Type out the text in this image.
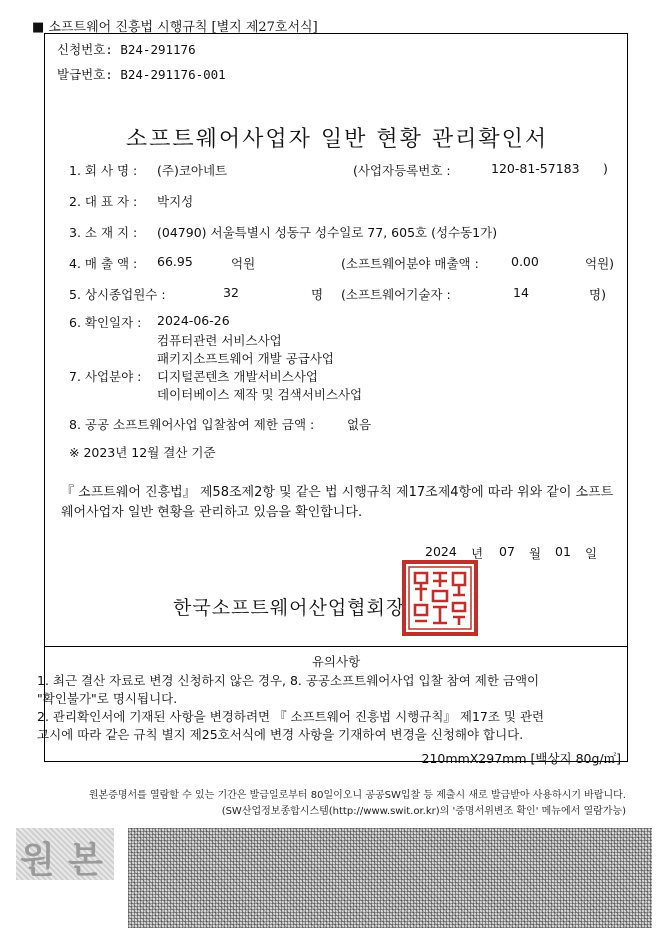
■ 소프트웨어 진흥법 시행규칙 [별지 제27호서식]
신청번호: B24-291176
발급번호: B24-291176-001
소프트웨어사업자 일반 현황 관리확인서
1. 회 사 명 : (주)코아네트	(사업자등록번호 :	120-81-57183 )
2. 대 표 자 : 박지성
3. 소 재 지 : (04790) 서울특별시 성동구 성수일로 77, 605호 (성수동1가)
4. 매 출 액 : 66.95	억원	(소프트웨어분야 매출액 :	0.00	억원)
5. 상시종업원수 :	32	명 (소프트웨어기술자 :	14	명)
6. 확인일자 : 2024-06-26
컴퓨터관련 서비스사업
패키지소프트웨어 개발 공급사업
7. 사업분야 : 디지털콘텐츠 개발서비스사업
데이터베이스 제작 및 검색서비스사업
8. 공공 소프트웨어사업 입찰참여 제한 금액 :	없음
※ 2023년 12월 결산 기준
『 소프트웨어 진흥법』 제58조제2항 및 같은 법 시행규칙 제17조제4항에 따라 위와 같이 소프트웨어사업자 일반 현황을 관리하고 있음을 확인합니다.
2024 년 07 월 01 일
한국소프트웨어산업협회장
유의사항
1. 최근 결산 자료로 변경 신청하지 않은 경우, 8. 공공소프트웨어사업 입찰 참여 제한 금액이
"확인불가"로 명시됩니다.
2. 관리확인서에 기재된 사항을 변경하려면 『 소프트웨어 진흥법 시행규칙』 제17조 및 관련
고시에 따라 같은 규칙 별지 제25호서식에 변경 사항을 기재하여 변경을 신청해야 합니다.
210mmX297mm [백상지 80g/㎡]
원본증명서를 열람할 수 있는 기간은 발급일로부터 80일이오니 공공SW입찰 등 제출시 새로 발급받아 사용하시기 바랍니다.
(SW산업정보종합시스템(http://www.swit.or.kr)의 '증명서위변조 확인' 메뉴에서 열람가능)
원 본
